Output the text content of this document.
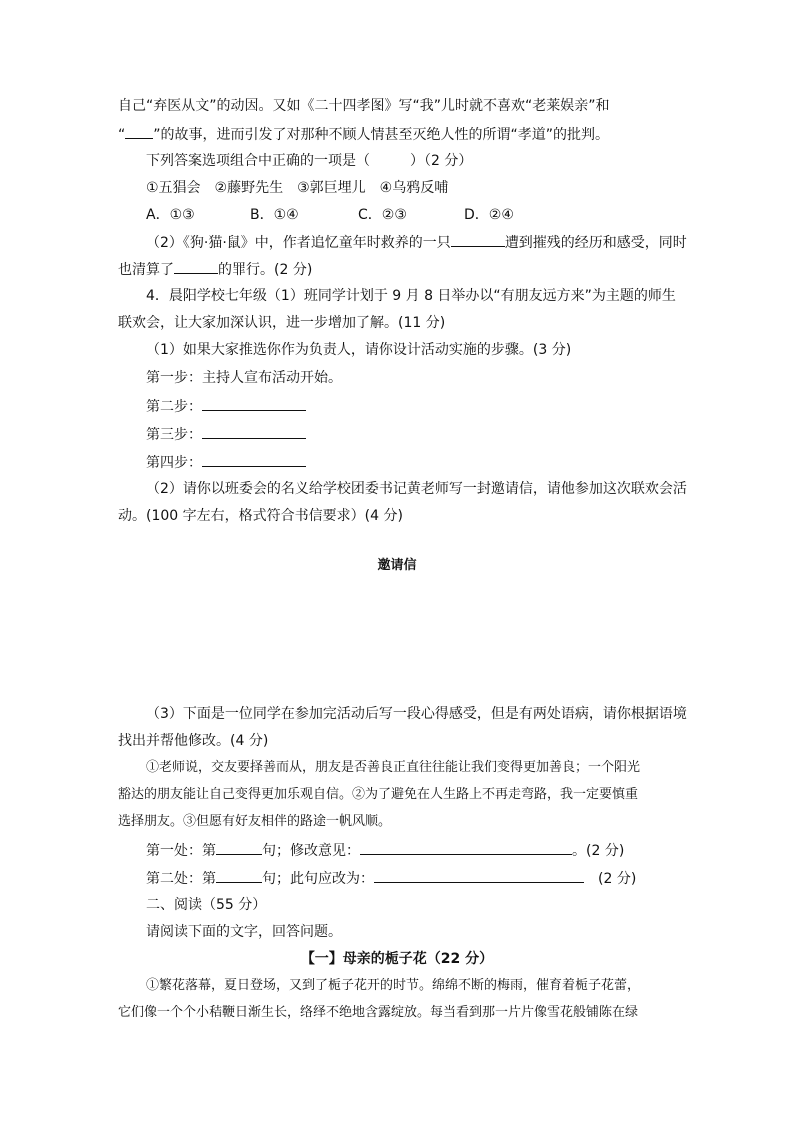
自己“弃医从文”的动因。又如《二十四孝图》写“我”儿时就不喜欢“老莱娱亲”和
“ ”的故事，进而引发了对那种不顾人情甚至灭绝人性的所谓“孝道”的批判。
下列答案选项组合中正确的一项是（	）（2 分）
①五猖会　②藤野先生　③郭巨埋儿　④乌鸦反哺
A．①③	B．①④	C．②③	D．②④
（2）《狗·猫·鼠》中，作者追忆童年时救养的一只	遭到摧残的经历和感受，同时
也清算了	的罪行。(2 分)
4．晨阳学校七年级（1）班同学计划于 9 月 8 日举办以“有朋友远方来”为主题的师生
联欢会，让大家加深认识，进一步增加了解。(11 分)
（1）如果大家推选你作为负责人，请你设计活动实施的步骤。(3 分)
第一步：主持人宣布活动开始。
第二步：
第三步：
第四步：
（2）请你以班委会的名义给学校团委书记黄老师写一封邀请信，请他参加这次联欢会活
动。(100 字左右，格式符合书信要求）(4 分)
邀请信
（3）下面是一位同学在参加完活动后写一段心得感受，但是有两处语病，请你根据语境
找出并帮他修改。(4 分)
①老师说，交友要择善而从，朋友是否善良正直往往能让我们变得更加善良；一个阳光
豁达的朋友能让自己变得更加乐观自信。②为了避免在人生路上不再走弯路，我一定要慎重
选择朋友。③但愿有好友相伴的路途一帆风顺。
第一处：第	句；修改意见：	。(2 分)
第二处：第	句；此句应改为：	(2 分)
二、阅读（55 分）
请阅读下面的文字，回答问题。
【一】母亲的栀子花（22 分）
①繁花落幕，夏日登场，又到了栀子花开的时节。绵绵不断的梅雨，催育着栀子花蕾，
它们像一个个小秸鞭日渐生长，络绎不绝地含露绽放。每当看到那一片片像雪花般铺陈在绿
